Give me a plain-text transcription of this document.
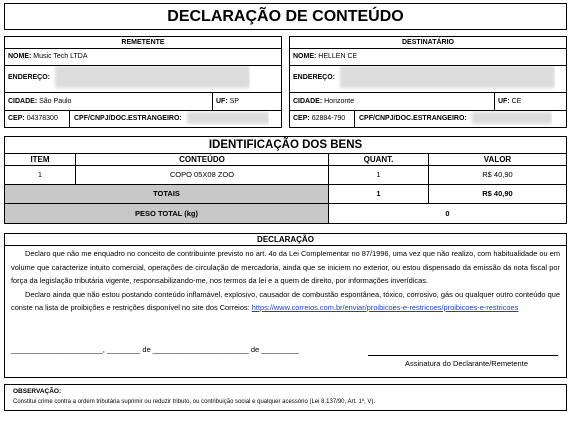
DECLARAÇÃO DE CONTEÚDO
REMETENTE
NOME: Music Tech LTDA
ENDEREÇO:
CIDADE: São Paulo	UF: SP
CEP: 04378300	CPF/CNPJ/DOC.ESTRANGEIRO:
DESTINATÁRIO
NOME: HELLEN CE
ENDEREÇO:
CIDADE: Horizonte	UF: CE
CEP: 62884-790	CPF/CNPJ/DOC.ESTRANGEIRO:
IDENTIFICAÇÃO DOS BENS
ITEM	CONTEÚDO	QUANT.	VALOR
1	COPO 05X08 ZOO	1	R$ 40,90
TOTAIS	1	R$ 40,90
PESO TOTAL (kg)	0
DECLARAÇÃO

Declaro que não me enquadro no conceito de contribuinte previsto no art. 4o da Lei Complementar no 87/1996, uma vez que não realizo, com habitualidade ou em volume que caracterize intuito comercial, operações de circulação de mercadoria, ainda que se iniciem no exterior, ou estou dispensado da emissão da nota fiscal por força da legislação tributária vigente, responsabilizando-me, nos termos da lei e a quem de direito, por informações inverídicas.

Declaro ainda que não estou postando conteúdo inflamável, explosivo, causador de combustão espontânea, tóxico, corrosivo, gás ou qualquer outro conteúdo que conste na lista de proibições e restrições disponível no site dos Correios: https://www.correios.com.br/enviar/proibicoes-e-restricoes/proibicoes-e-restricoes

______________________, ________ de _______________________ de _________
Assinatura do Declarante/Remetente
OBSERVAÇÃO:
Constitui crime contra a ordem tributária suprimir ou reduzir tributo, ou contribuição social e qualquer acessório (Lei 8.137/90, Art. 1º, V).
